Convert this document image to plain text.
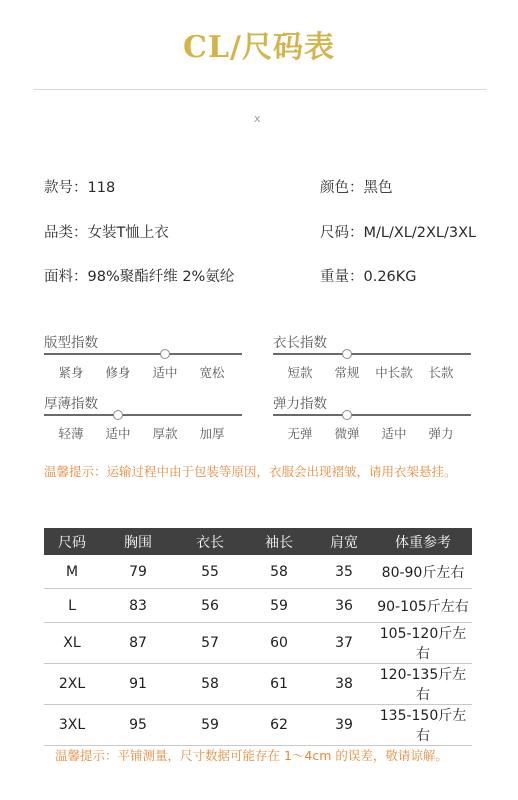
CL/尺码表
x
款号：118	颜色：黑色
品类：女装T恤上衣	尺码：M/L/XL/2XL/3XL
面料：98%聚酯纤维 2%氨纶	重量：0.26KG
版型指数
紧身	修身	适中	宽松
衣长指数
短款	常规	中长款	长款
厚薄指数
轻薄	适中	厚款	加厚
弹力指数
无弹	微弹	适中	弹力
温馨提示：运输过程中由于包装等原因，衣服会出现褶皱，请用衣架悬挂。
尺码	胸围	衣长	袖长	肩宽	体重参考
M	79	55	58	35	80-90斤左右
L	83	56	59	36	90-105斤左右
XL	87	57	60	37	105-120斤左右
2XL	91	58	61	38	120-135斤左右
3XL	95	59	62	39	135-150斤左右
温馨提示：平铺测量，尺寸数据可能存在 1～4cm 的误差，敬请谅解。
